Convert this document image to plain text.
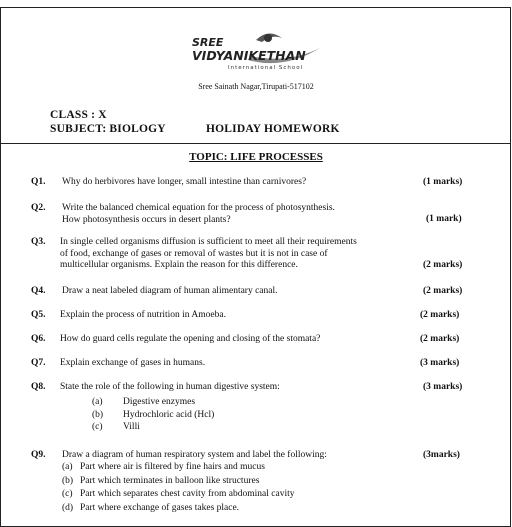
SREE
VIDYANIKETHAN
International School
Sree Sainath Nagar,Tirupati-517102
CLASS : X
SUBJECT: BIOLOGY	HOLIDAY HOMEWORK
TOPIC: LIFE PROCESSES
Q1. Why do herbivores have longer, small intestine than carnivores?	(1 marks)
Q2. Write the balanced chemical equation for the process of photosynthesis.
How photosynthesis occurs in desert plants?	(1 mark)
Q3. In single celled organisms diffusion is sufficient to meet all their requirements
of food, exchange of gases or removal of wastes but it is not in case of
multicellular organisms. Explain the reason for this difference.	(2 marks)
Q4. Draw a neat labeled diagram of human alimentary canal.	(2 marks)
Q5. Explain the process of nutrition in Amoeba.	(2 marks)
Q6. How do guard cells regulate the opening and closing of the stomata?	(2 marks)
Q7. Explain exchange of gases in humans.	(3 marks)
Q8. State the role of the following in human digestive system:	(3 marks)
(a) Digestive enzymes
(b) Hydrochloric acid (Hcl)
(c) Villi
Q9. Draw a diagram of human respiratory system and label the following:	(3marks)
(a) Part where air is filtered by fine hairs and mucus
(b) Part which terminates in balloon like structures
(c) Part which separates chest cavity from abdominal cavity
(d) Part where exchange of gases takes place.
